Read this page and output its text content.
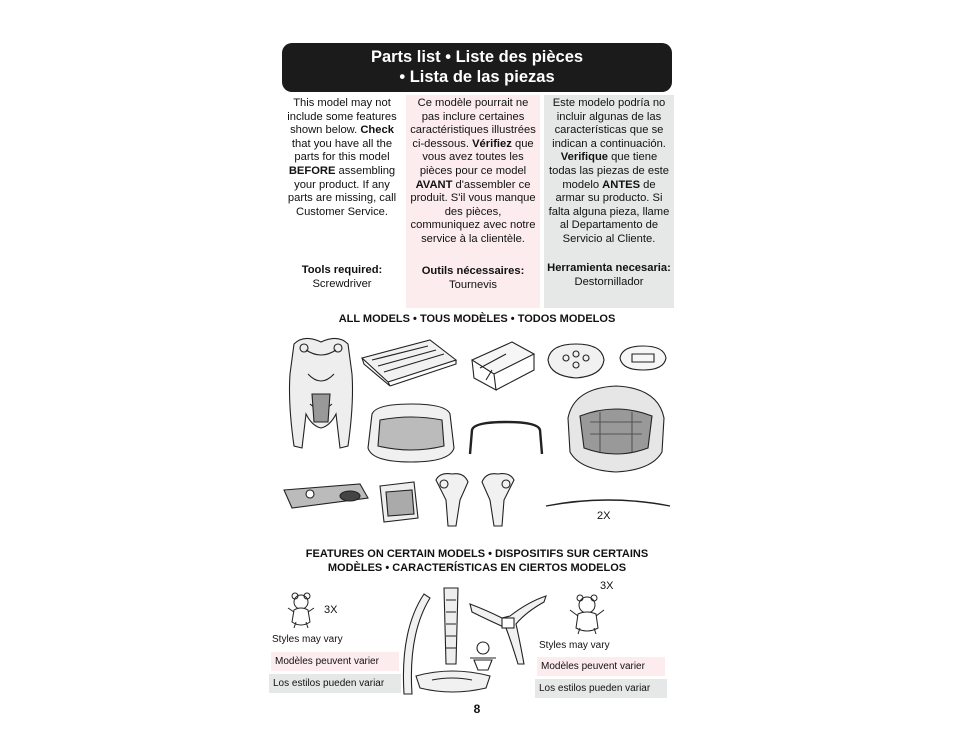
Parts list • Liste des pièces
• Lista de las piezas
This model may not include some features shown below. Check that you have all the parts for this model BEFORE assembling your product. If any parts are missing, call Customer Service.
Tools required:
Screwdriver
Ce modèle pourrait ne pas inclure certaines caractéristiques illustrées ci-dessous. Vérifiez que vous avez toutes les pièces pour ce model AVANT d'assembler ce produit. S'il vous manque des pièces, communiquez avec notre service à la clientèle.
Outils nécessaires:
Tournevis
Este modelo podría no incluir algunas de las características que se indican a continuación. Verifique que tiene todas las piezas de este modelo ANTES de armar su producto. Si falta alguna pieza, llame al Departamento de Servicio al Cliente.
Herramienta necesaria:
Destornillador
ALL MODELS • TOUS MODÈLES • TODOS MODELOS
2X
FEATURES ON CERTAIN MODELS • DISPOSITIFS SUR CERTAINS
MODÈLES • CARACTERÍSTICAS EN CIERTOS MODELOS
3X
Styles may vary
Modèles peuvent varier
Los estilos pueden variar
3X
Styles may vary
Modèles peuvent varier
Los estilos pueden variar
8
